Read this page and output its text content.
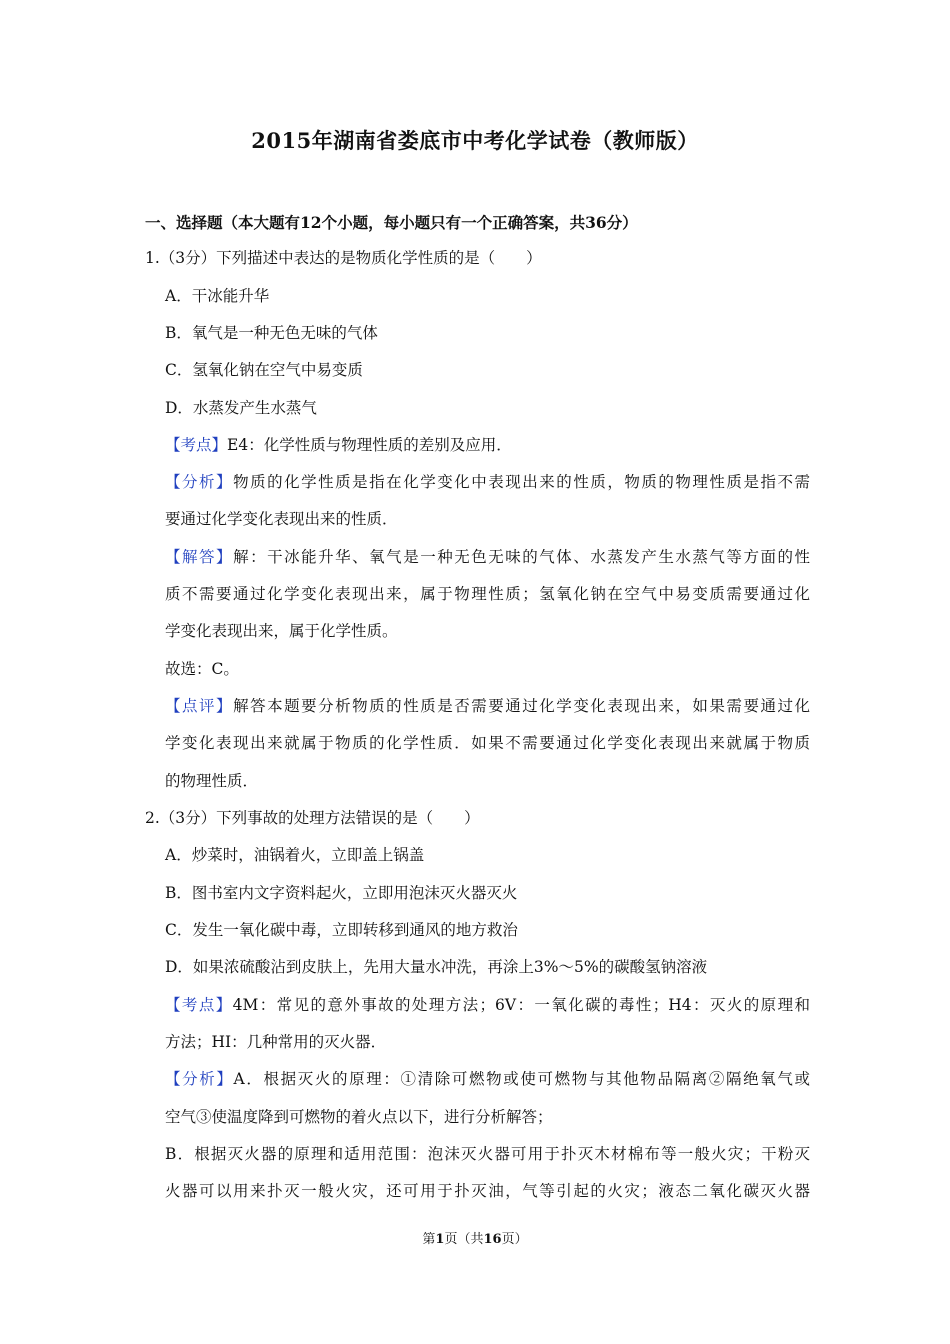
2015年湖南省娄底市中考化学试卷（教师版）
一、选择题（本大题有12个小题，每小题只有一个正确答案，共36分）
1.（3分）下列描述中表达的是物质化学性质的是（　　）
A．干冰能升华
B．氧气是一种无色无味的气体
C．氢氧化钠在空气中易变质
D．水蒸发产生水蒸气
【考点】E4：化学性质与物理性质的差别及应用．
【分析】物质的化学性质是指在化学变化中表现出来的性质，物质的物理性质是指不需
要通过化学变化表现出来的性质．
【解答】解：干冰能升华、氧气是一种无色无味的气体、水蒸发产生水蒸气等方面的性
质不需要通过化学变化表现出来，属于物理性质；氢氧化钠在空气中易变质需要通过化
学变化表现出来，属于化学性质。
故选：C。
【点评】解答本题要分析物质的性质是否需要通过化学变化表现出来，如果需要通过化
学变化表现出来就属于物质的化学性质．如果不需要通过化学变化表现出来就属于物质
的物理性质．
2.（3分）下列事故的处理方法错误的是（　　）
A．炒菜时，油锅着火，立即盖上锅盖
B．图书室内文字资料起火，立即用泡沫灭火器灭火
C．发生一氧化碳中毒，立即转移到通风的地方救治
D．如果浓硫酸沾到皮肤上，先用大量水冲洗，再涂上3%～5%的碳酸氢钠溶液
【考点】4M：常见的意外事故的处理方法；6V：一氧化碳的毒性；H4：灭火的原理和
方法；HI：几种常用的灭火器．
【分析】A．根据灭火的原理：①清除可燃物或使可燃物与其他物品隔离②隔绝氧气或
空气③使温度降到可燃物的着火点以下，进行分析解答；
B．根据灭火器的原理和适用范围：泡沫灭火器可用于扑灭木材棉布等一般火灾；干粉灭
火器可以用来扑灭一般火灾，还可用于扑灭油，气等引起的火灾；液态二氧化碳灭火器
第1页（共16页）
